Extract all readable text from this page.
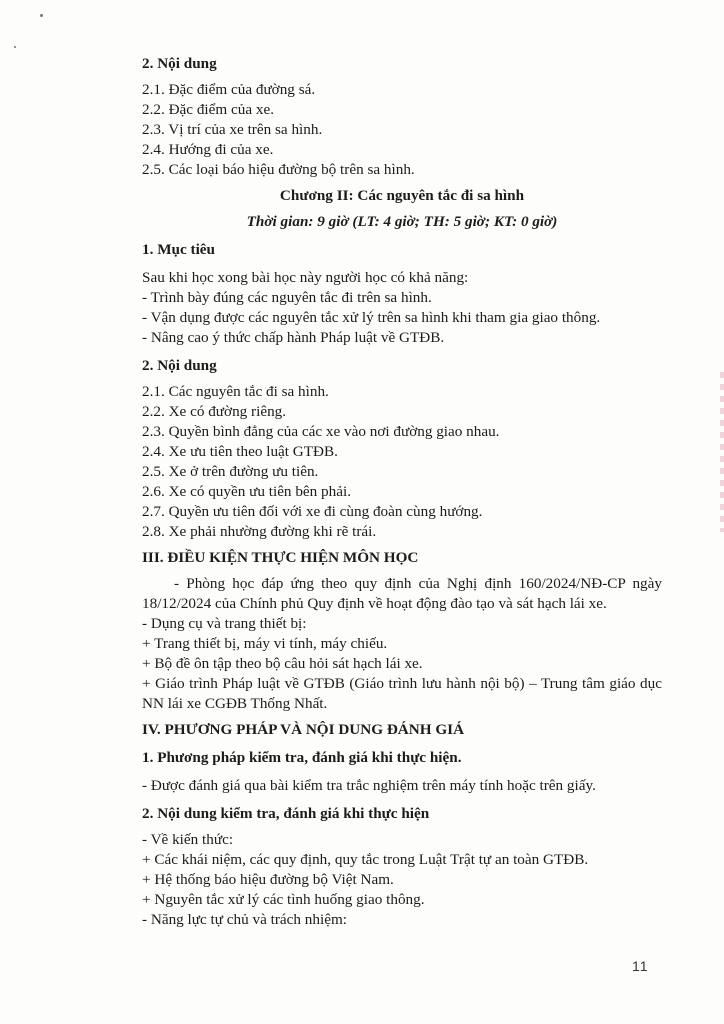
2. Nội dung
2.1. Đặc điểm của đường sá.
2.2. Đặc điểm của xe.
2.3. Vị trí của xe trên sa hình.
2.4. Hướng đi của xe.
2.5. Các loại báo hiệu đường bộ trên sa hình.
Chương II: Các nguyên tắc đi sa hình
Thời gian: 9 giờ (LT: 4 giờ; TH: 5 giờ; KT: 0 giờ)
1. Mục tiêu
Sau khi học xong bài học này người học có khả năng:
- Trình bày đúng các nguyên tắc đi trên sa hình.
- Vận dụng được các nguyên tắc xử lý trên sa hình khi tham gia giao thông.
- Nâng cao ý thức chấp hành Pháp luật về GTĐB.
2. Nội dung
2.1. Các nguyên tắc đi sa hình.
2.2. Xe có đường riêng.
2.3. Quyền bình đẳng của các xe vào nơi đường giao nhau.
2.4. Xe ưu tiên theo luật GTĐB.
2.5. Xe ở trên đường ưu tiên.
2.6. Xe có quyền ưu tiên bên phải.
2.7. Quyền ưu tiên đối với xe đi cùng đoàn cùng hướng.
2.8. Xe phải nhường đường khi rẽ trái.
III. ĐIỀU KIỆN THỰC HIỆN MÔN HỌC
- Phòng học đáp ứng theo quy định của Nghị định 160/2024/NĐ-CP ngày 18/12/2024 của Chính phủ Quy định về hoạt động đào tạo và sát hạch lái xe.
- Dụng cụ và trang thiết bị:
+ Trang thiết bị, máy vi tính, máy chiếu.
+ Bộ đề ôn tập theo bộ câu hỏi sát hạch lái xe.
+ Giáo trình Pháp luật về GTĐB (Giáo trình lưu hành nội bộ) – Trung tâm giáo dục NN lái xe CGĐB Thống Nhất.
IV. PHƯƠNG PHÁP VÀ NỘI DUNG ĐÁNH GIÁ
1. Phương pháp kiểm tra, đánh giá khi thực hiện.
- Được đánh giá qua bài kiểm tra trắc nghiệm trên máy tính hoặc trên giấy.
2. Nội dung kiểm tra, đánh giá khi thực hiện
- Về kiến thức:
+ Các khái niệm, các quy định, quy tắc trong Luật Trật tự an toàn GTĐB.
+ Hệ thống báo hiệu đường bộ Việt Nam.
+ Nguyên tắc xử lý các tình huống giao thông.
- Năng lực tự chủ và trách nhiệm:
11
